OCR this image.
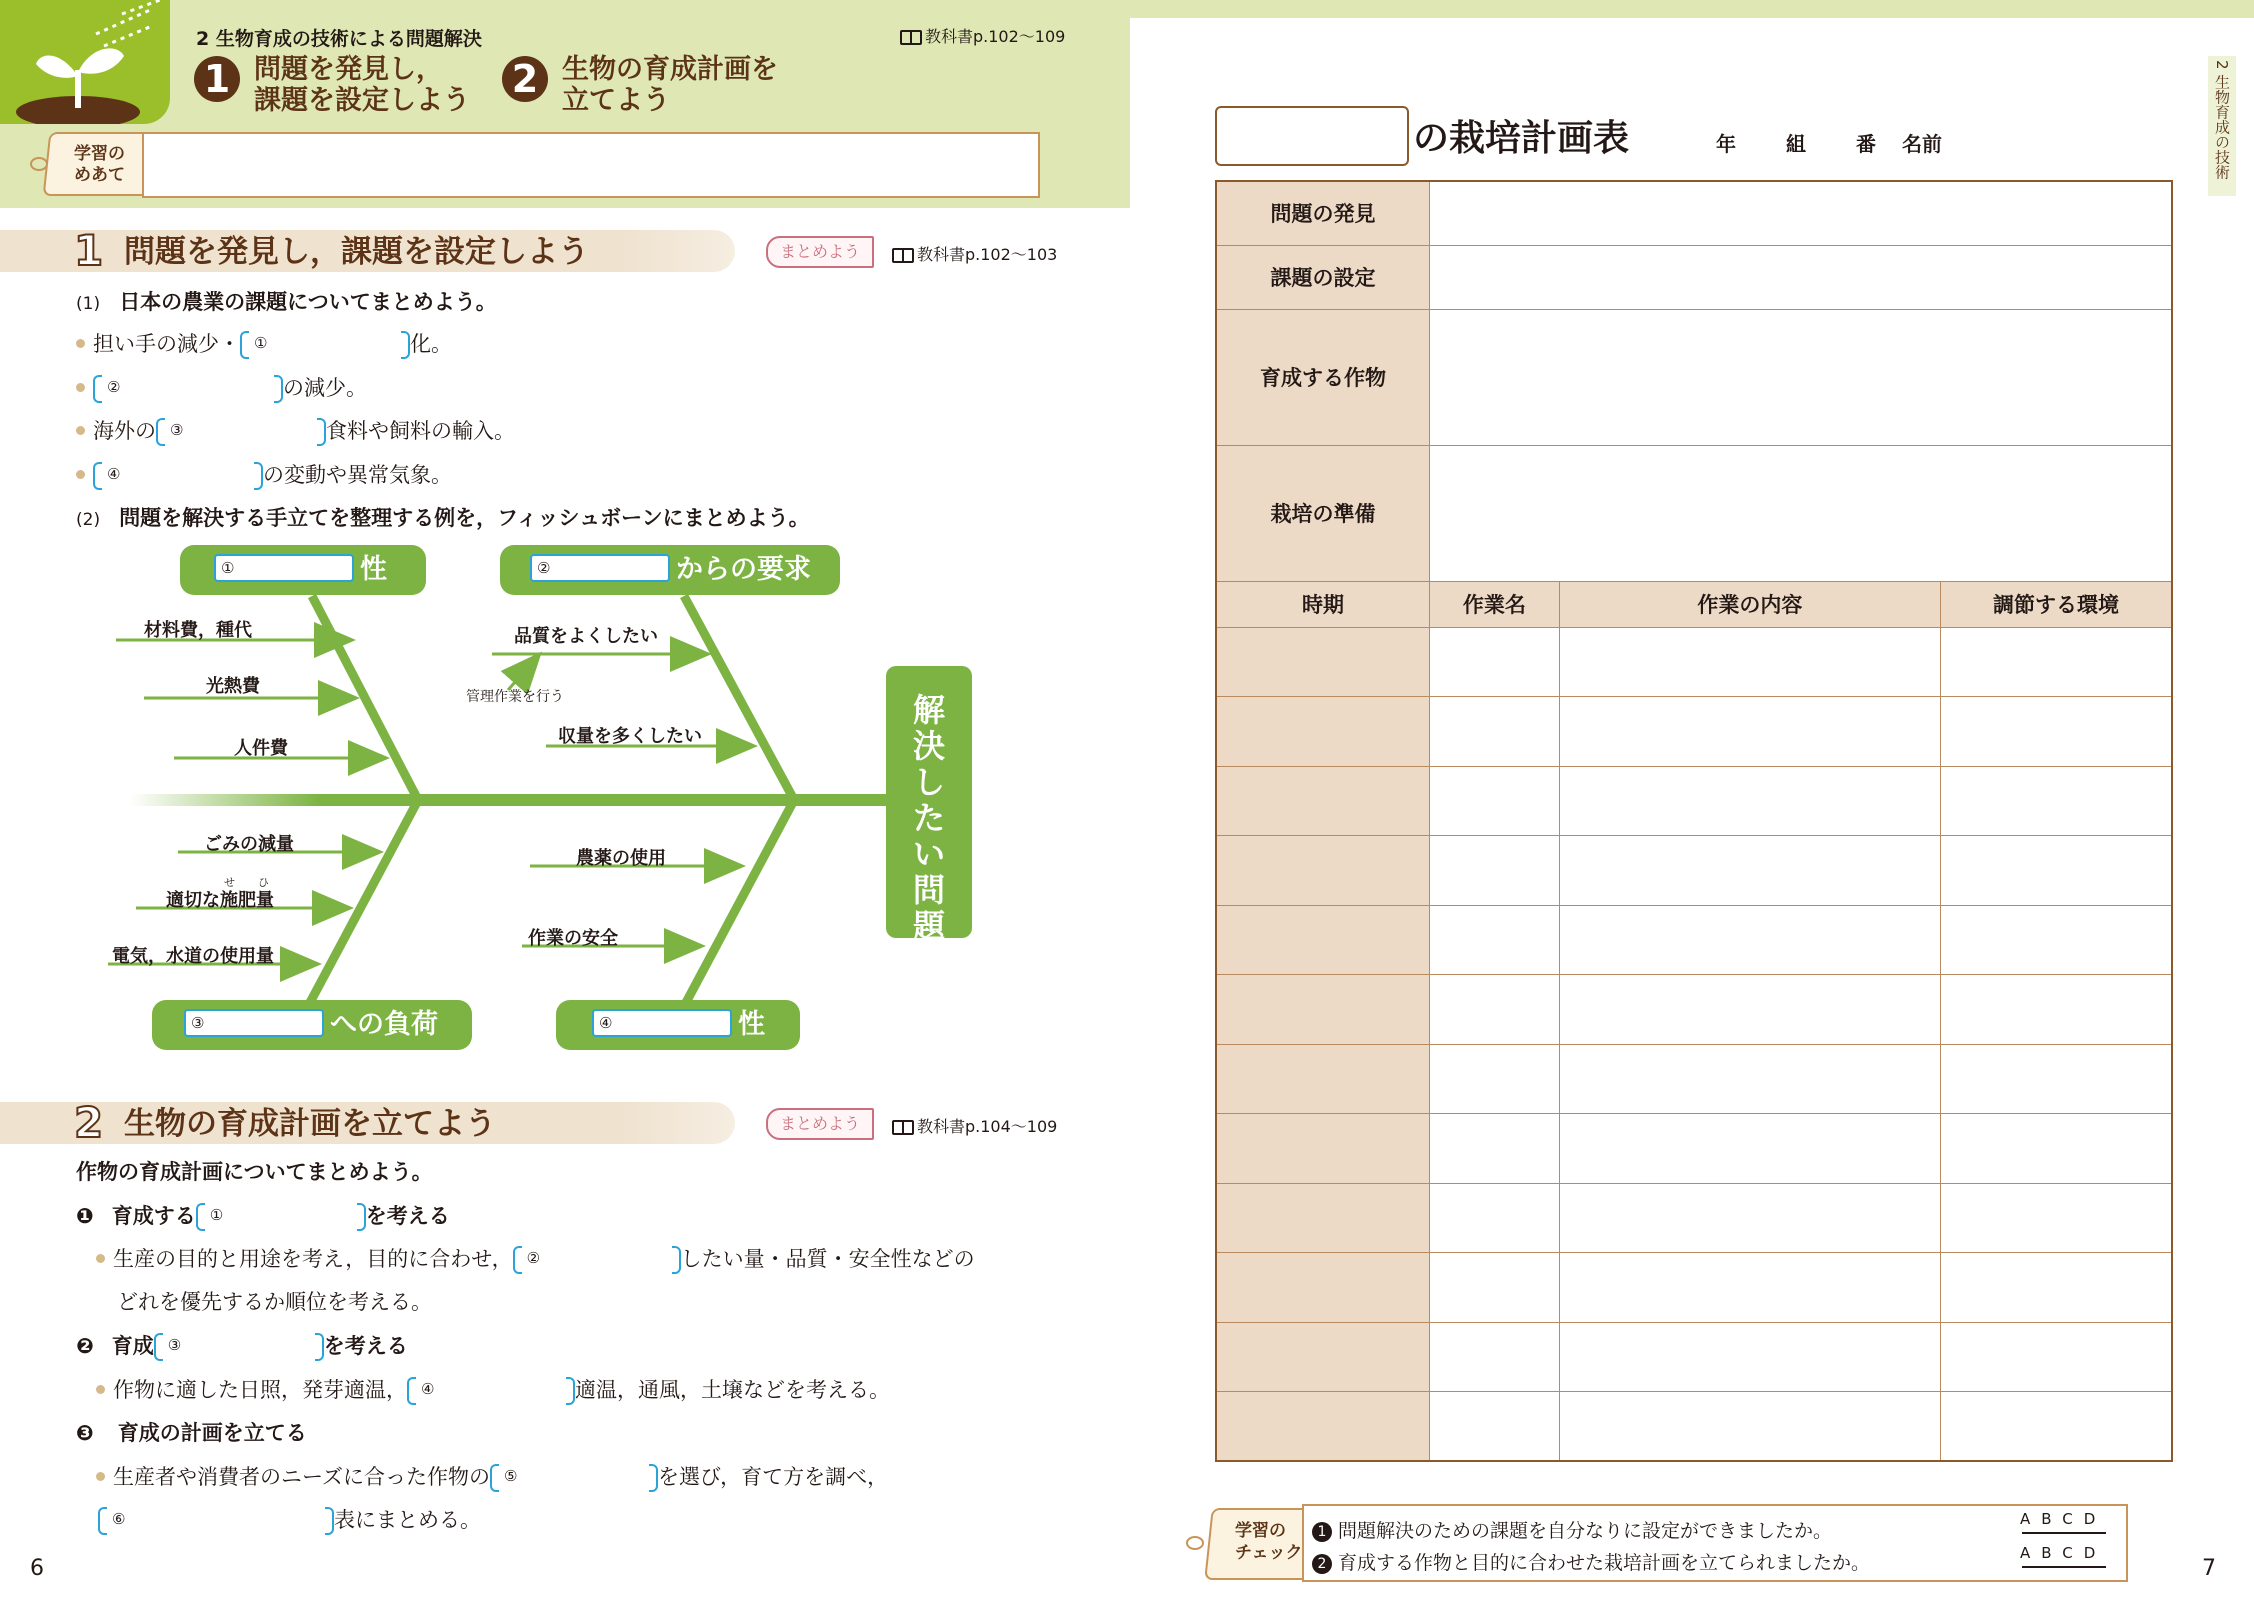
2 生物育成の技術による問題解決	教科書p.102〜109
1 問題を発見し，
課題を設定しよう 2 生物の育成計画を
立てよう
学習の
めあて
1 問題を発見し，課題を設定しよう	まとめよう	教科書p.102〜103
(1) 日本の農業の課題についてまとめよう。
担い手の減少・ ①	化。
②	の減少。
海外の ③	食料や飼料の輸入。
④	の変動や異常気象。
(2) 問題を解決する手立てを整理する例を，フィッシュボーンにまとめよう。
①	性	②	からの要求
③	への負荷	④	性
材料費，種代
光熱費
人件費
品質をよくしたい
管理作業を行う
収量を多くしたい
ごみの減量
せ　ひ
適切な施肥量
電気，水道の使用量
農薬の使用
作業の安全
解
決
し
た
い
問
題
2 生物の育成計画を立てよう	まとめよう	教科書p.104〜109
作物の育成計画についてまとめよう。
❶ 育成する ①	を考える
生産の目的と用途を考え，目的に合わせ， ②	したい量・品質・安全性などの
どれを優先するか順位を考える。
❷ 育成 ③	を考える
作物に適した日照，発芽適温， ④	適温，通風，土壌などを考える。
❸ 育成の計画を立てる
生産者や消費者のニーズに合った作物の ⑤	を選び，育て方を調べ，
⑥	表にまとめる。
6
2 生物育成の技術
の栽培計画表	年	組	番 名前
問題の発見			
課題の設定			
育成する作物			
栽培の準備			
時期	作業名	作業の内容	調節する環境

学習の
チェック
1 問題解決のための課題を自分なりに設定ができましたか。
2 育成する作物と目的に合わせた栽培計画を立てられましたか。
ABCD
ABCD
7
